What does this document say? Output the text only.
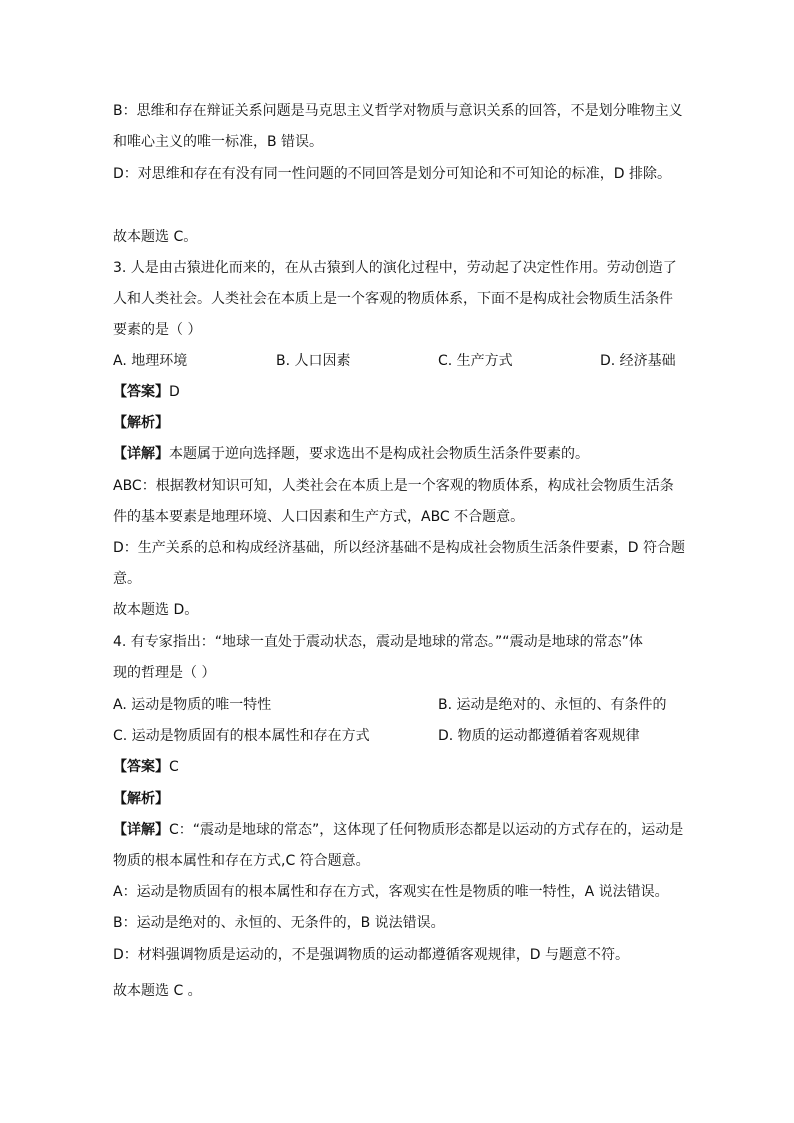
B：思维和存在辩证关系问题是马克思主义哲学对物质与意识关系的回答，不是划分唯物主义
和唯心主义的唯一标准，B 错误。
D：对思维和存在有没有同一性问题的不同回答是划分可知论和不可知论的标准，D 排除。
故本题选 C。
3. 人是由古猿进化而来的，在从古猿到人的演化过程中，劳动起了决定性作用。劳动创造了
人和人类社会。人类社会在本质上是一个客观的物质体系，下面不是构成社会物质生活条件
要素的是（ ）
A. 地理环境	B. 人口因素	C. 生产方式	D. 经济基础
【答案】D
【解析】
【详解】本题属于逆向选择题，要求选出不是构成社会物质生活条件要素的。
ABC：根据教材知识可知，人类社会在本质上是一个客观的物质体系，构成社会物质生活条
件的基本要素是地理环境、人口因素和生产方式，ABC 不合题意。
D：生产关系的总和构成经济基础，所以经济基础不是构成社会物质生活条件要素，D 符合题
意。
故本题选 D。
4. 有专家指出：“地球一直处于震动状态，震动是地球的常态。”“震动是地球的常态”体
现的哲理是（ ）
A. 运动是物质的唯一特性	B. 运动是绝对的、永恒的、有条件的
C. 运动是物质固有的根本属性和存在方式	D. 物质的运动都遵循着客观规律
【答案】C
【解析】
【详解】C：“震动是地球的常态”，这体现了任何物质形态都是以运动的方式存在的，运动是
物质的根本属性和存在方式,C 符合题意。
A：运动是物质固有的根本属性和存在方式，客观实在性是物质的唯一特性，A 说法错误。
B：运动是绝对的、永恒的、无条件的，B 说法错误。
D：材料强调物质是运动的，不是强调物质的运动都遵循客观规律，D 与题意不符。
故本题选 C 。
